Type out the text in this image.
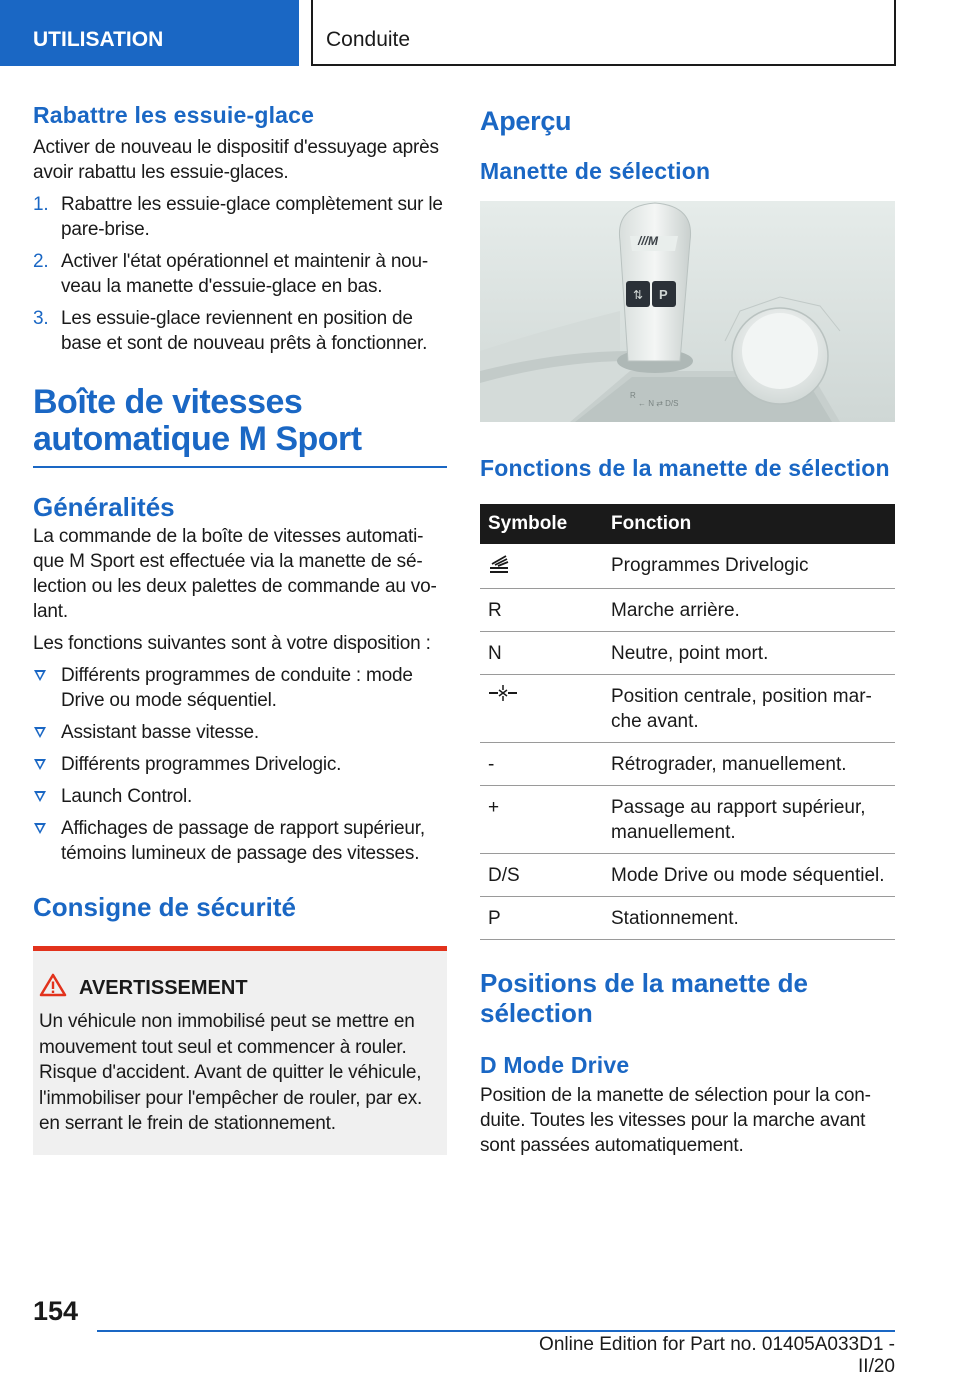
UTILISATION	Conduite
Rabattre les essuie-glace

Activer de nouveau le dispositif d'essuyage après avoir rabattu les essuie-glaces.

1. Rabattre les essuie-glace complètement sur le pare-brise.
2. Activer l'état opérationnel et maintenir à nou-veau la manette d'essuie-glace en bas.
3. Les essuie-glace reviennent en position de base et sont de nouveau prêts à fonctionner.
Boîte de vitesses automatique M Sport
Généralités

La commande de la boîte de vitesses automati-que M Sport est effectuée via la manette de sé-lection ou les deux palettes de commande au vo-lant.

Les fonctions suivantes sont à votre disposition :

Différents programmes de conduite : mode Drive ou mode séquentiel.
Assistant basse vitesse.
Différents programmes Drivelogic.
Launch Control.
Affichages de passage de rapport supérieur, témoins lumineux de passage des vitesses.
Consigne de sécurité
AVERTISSEMENT

Un véhicule non immobilisé peut se mettre en mouvement tout seul et commencer à rouler. Risque d'accident. Avant de quitter le véhicule, l'immobiliser pour l'empêcher de rouler, par ex. en serrant le frein de stationnement.

Aperçu
Manette de sélection
///M
⇅ P
R
← N ⇄ D/S
Fonctions de la manette de sélection
Symbole	Fonction
	Programmes Drivelogic
R	Marche arrière.
N	Neutre, point mort.
	Position centrale, position mar-che avant.
-	Rétrograder, manuellement.
+	Passage au rapport supérieur, manuellement.
D/S	Mode Drive ou mode séquentiel.
P	Stationnement.
Positions de la manette de sélection
D Mode Drive

Position de la manette de sélection pour la con-duite. Toutes les vitesses pour la marche avant sont passées automatiquement.

154
Online Edition for Part no. 01405A033D1 - II/20
